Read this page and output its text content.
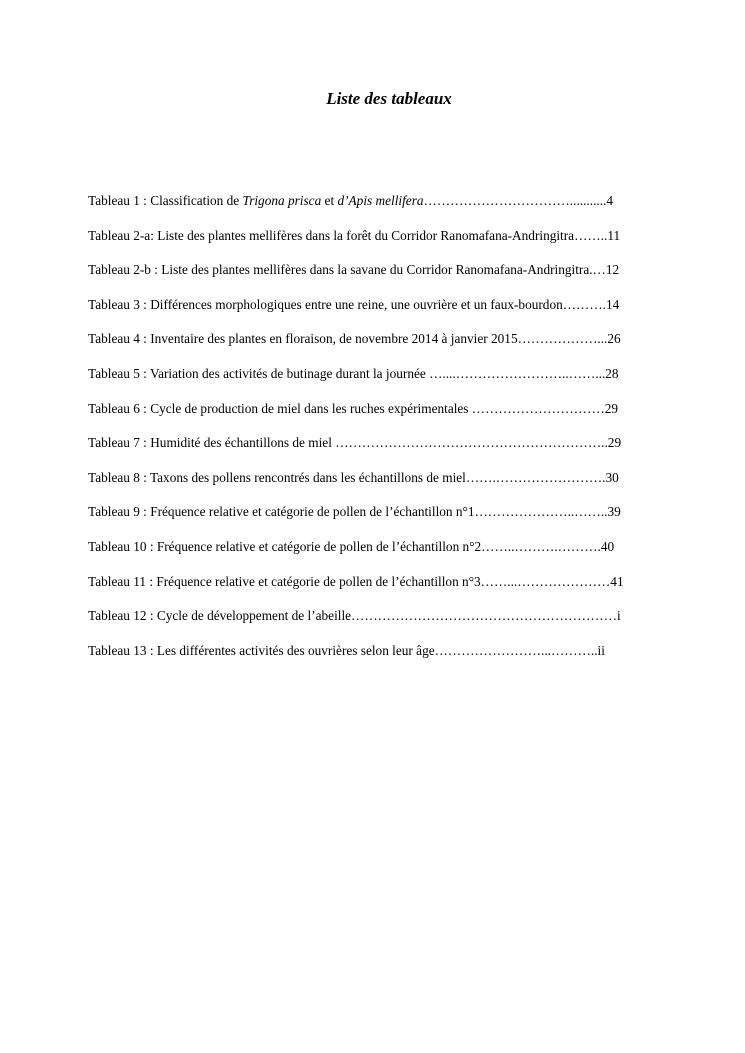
Liste des tableaux
Tableau 1 : Classification de Trigona prisca et d’Apis mellifera……………………………...........4
Tableau 2-a: Liste des plantes mellifères dans la forêt du Corridor Ranomafana-Andringitra……..11
Tableau 2-b : Liste des plantes mellifères dans la savane du Corridor Ranomafana-Andringitra.…12
Tableau 3 : Différences morphologiques entre une reine, une ouvrière et un faux-bourdon……….14
Tableau 4 : Inventaire des plantes en floraison, de novembre 2014 à janvier 2015………………...26
Tableau 5 : Variation des activités de butinage durant la journée …....……………………..……...28
Tableau 6 : Cycle de production de miel dans les ruches expérimentales …………………………29
Tableau 7 : Humidité des échantillons de miel ……………………………………………………..29
Tableau 8 : Taxons des pollens rencontrés dans les échantillons de miel…….…………………….30
Tableau 9 : Fréquence relative et catégorie de pollen de l’échantillon n°1…………………..……..39
Tableau 10 : Fréquence relative et catégorie de pollen de l’échantillon n°2……..……….……….40
Tableau 11 : Fréquence relative et catégorie de pollen de l’échantillon n°3……...…………………41
Tableau 12 : Cycle de développement de l’abeille……………………………………………………i
Tableau 13 : Les différentes activités des ouvrières selon leur âge……………………...………..ii
